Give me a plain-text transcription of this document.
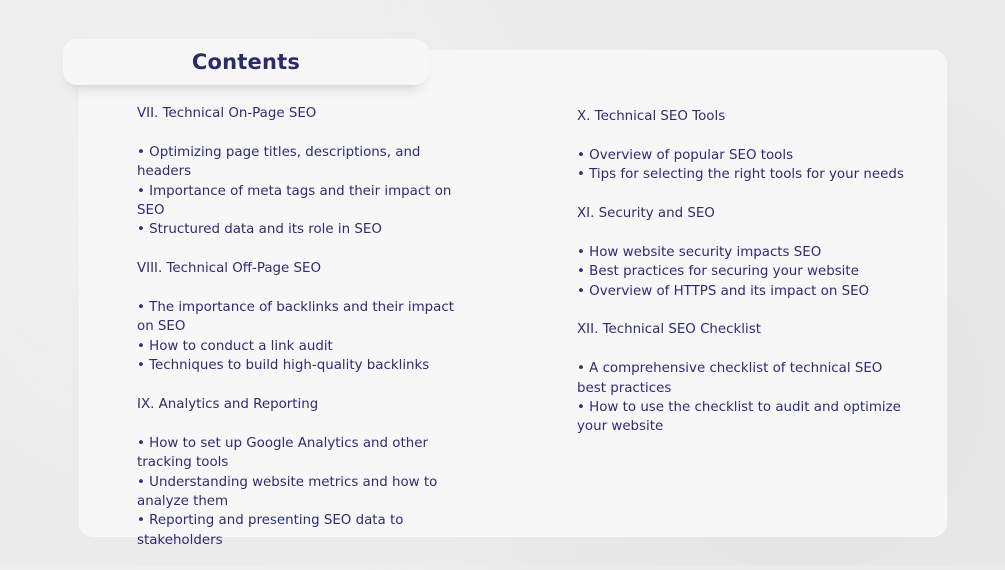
Contents

VII. Technical On-Page SEO

• Optimizing page titles, descriptions, and headers

• Importance of meta tags and their impact on SEO

• Structured data and its role in SEO

VIII. Technical Off-Page SEO

• The importance of backlinks and their impact on SEO

• How to conduct a link audit

• Techniques to build high-quality backlinks

IX. Analytics and Reporting

• How to set up Google Analytics and other tracking tools

• Understanding website metrics and how to analyze them

• Reporting and presenting SEO data to stakeholders

X. Technical SEO Tools

• Overview of popular SEO tools

• Tips for selecting the right tools for your needs

XI. Security and SEO

• How website security impacts SEO

• Best practices for securing your website

• Overview of HTTPS and its impact on SEO

XII. Technical SEO Checklist

• A comprehensive checklist of technical SEO best practices

• How to use the checklist to audit and optimize your website
